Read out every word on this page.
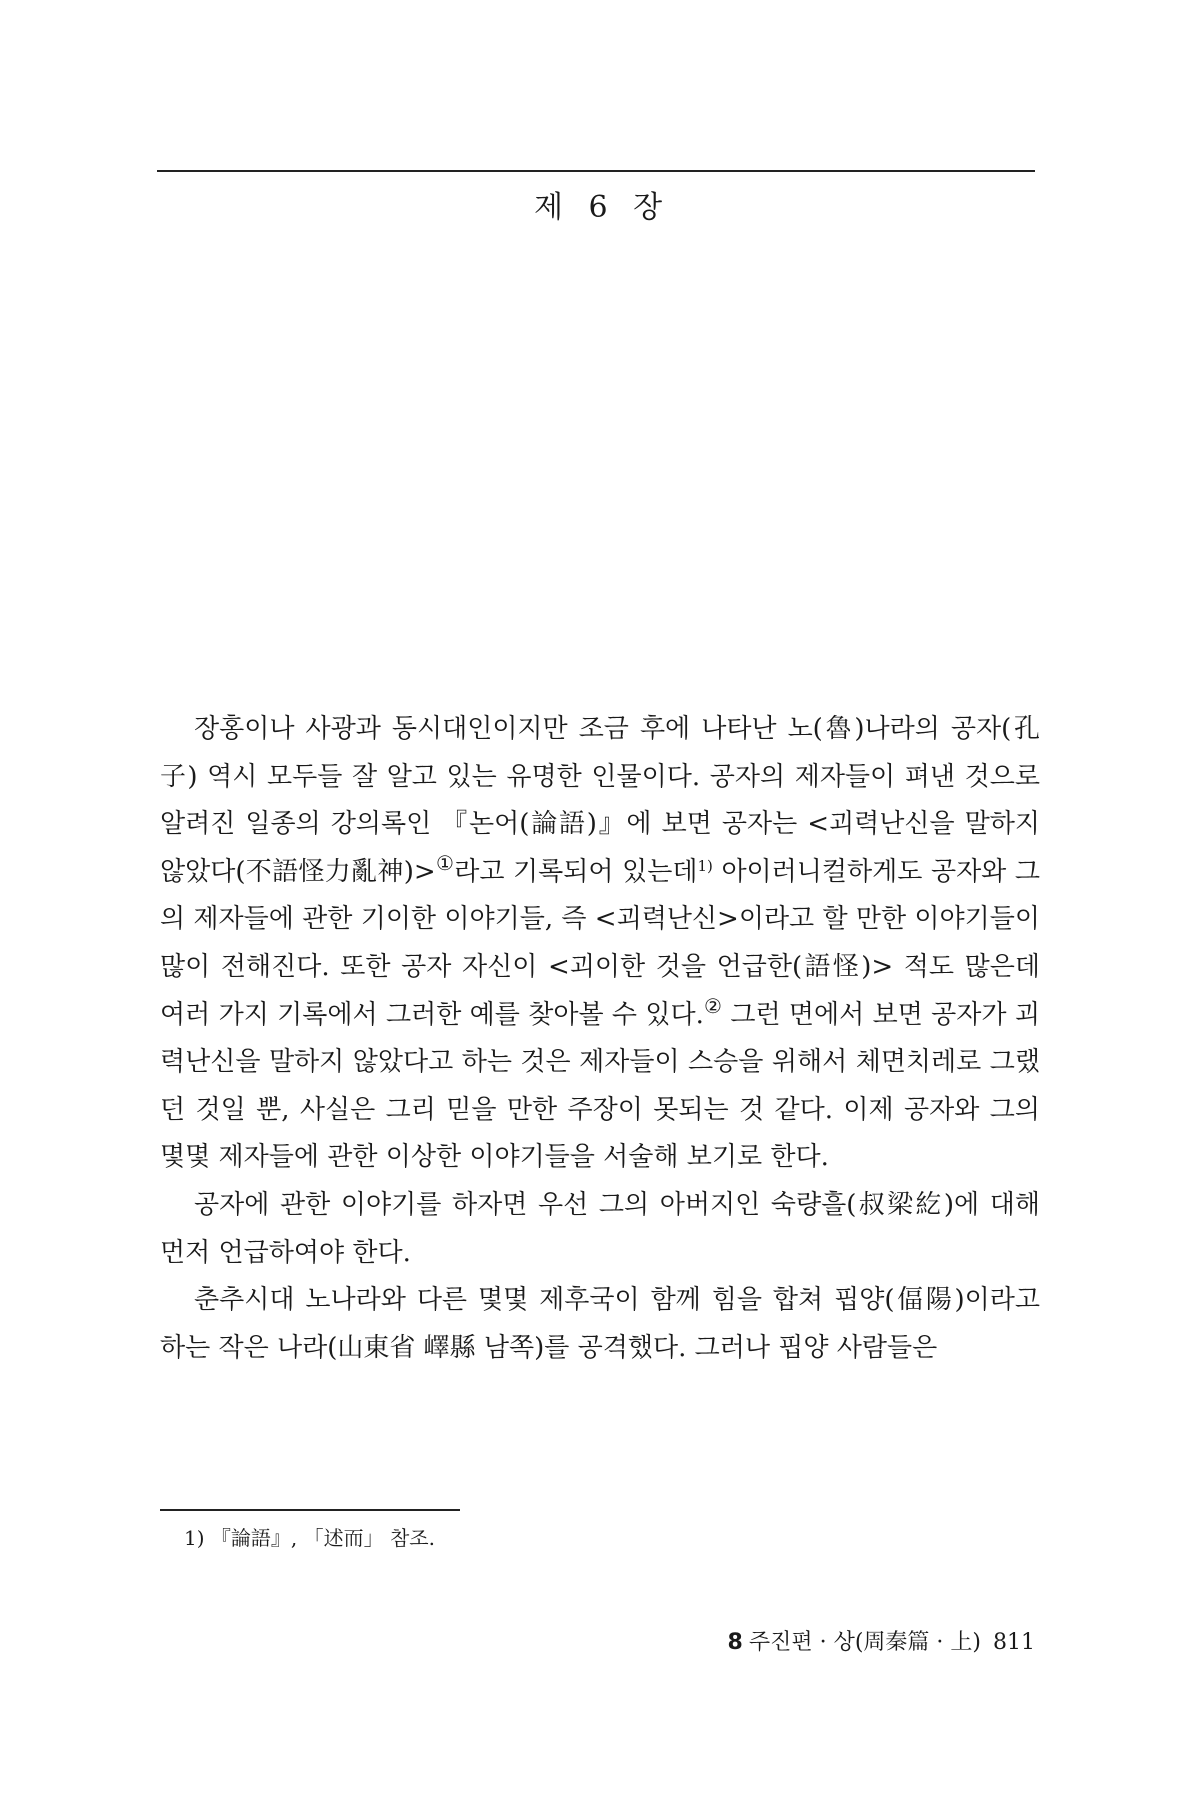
제 6 장

장홍이나 사광과 동시대인이지만 조금 후에 나타난 노(魯)나라의 공자(孔子) 역시 모두들 잘 알고 있는 유명한 인물이다. 공자의 제자들이 펴낸 것으로 알려진 일종의 강의록인 『논어(論語)』에 보면 공자는 <괴력난신을 말하지 않았다(不語怪力亂神)>①라고 기록되어 있는데$^{1)}$ 아이러니컬하게도 공자와 그의 제자들에 관한 기이한 이야기들, 즉 <괴력난신>이라고 할 만한 이야기들이 많이 전해진다. 또한 공자 자신이 <괴이한 것을 언급한(語怪)> 적도 많은데 여러 가지 기록에서 그러한 예를 찾아볼 수 있다.② 그런 면에서 보면 공자가 괴력난신을 말하지 않았다고 하는 것은 제자들이 스승을 위해서 체면치레로 그랬던 것일 뿐, 사실은 그리 믿을 만한 주장이 못되는 것 같다. 이제 공자와 그의 몇몇 제자들에 관한 이상한 이야기들을 서술해 보기로 한다.

공자에 관한 이야기를 하자면 우선 그의 아버지인 숙량흘(叔梁紇)에 대해 먼저 언급하여야 한다.

춘추시대 노나라와 다른 몇몇 제후국이 함께 힘을 합쳐 핍양(偪陽)이라고 하는 작은 나라(山東省 嶧縣 남쪽)를 공격했다. 그러나 핍양 사람들은

1) 『論語』, 「述而」 참조.
8 주진편 · 상(周秦篇 · 上) 811
